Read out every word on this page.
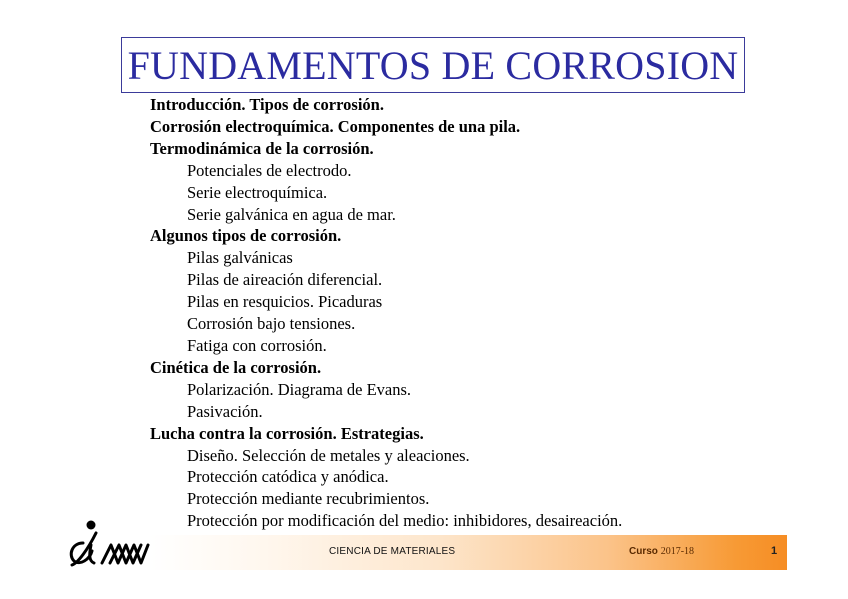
FUNDAMENTOS DE CORROSION
Introducción. Tipos de corrosión.
Corrosión electroquímica. Componentes de una pila.
Termodinámica de la corrosión.
Potenciales de electrodo.
Serie electroquímica.
Serie galvánica en agua de mar.
Algunos tipos de corrosión.
Pilas galvánicas
Pilas de aireación diferencial.
Pilas en resquicios. Picaduras
Corrosión bajo tensiones.
Fatiga con corrosión.
Cinética de la corrosión.
Polarización. Diagrama de Evans.
Pasivación.
Lucha contra la corrosión. Estrategias.
Diseño. Selección de metales y aleaciones.
Protección catódica y anódica.
Protección mediante recubrimientos.
Protección por modificación del medio: inhibidores, desaireación.
CIENCIA DE MATERIALES	Curso 2017-18	1
